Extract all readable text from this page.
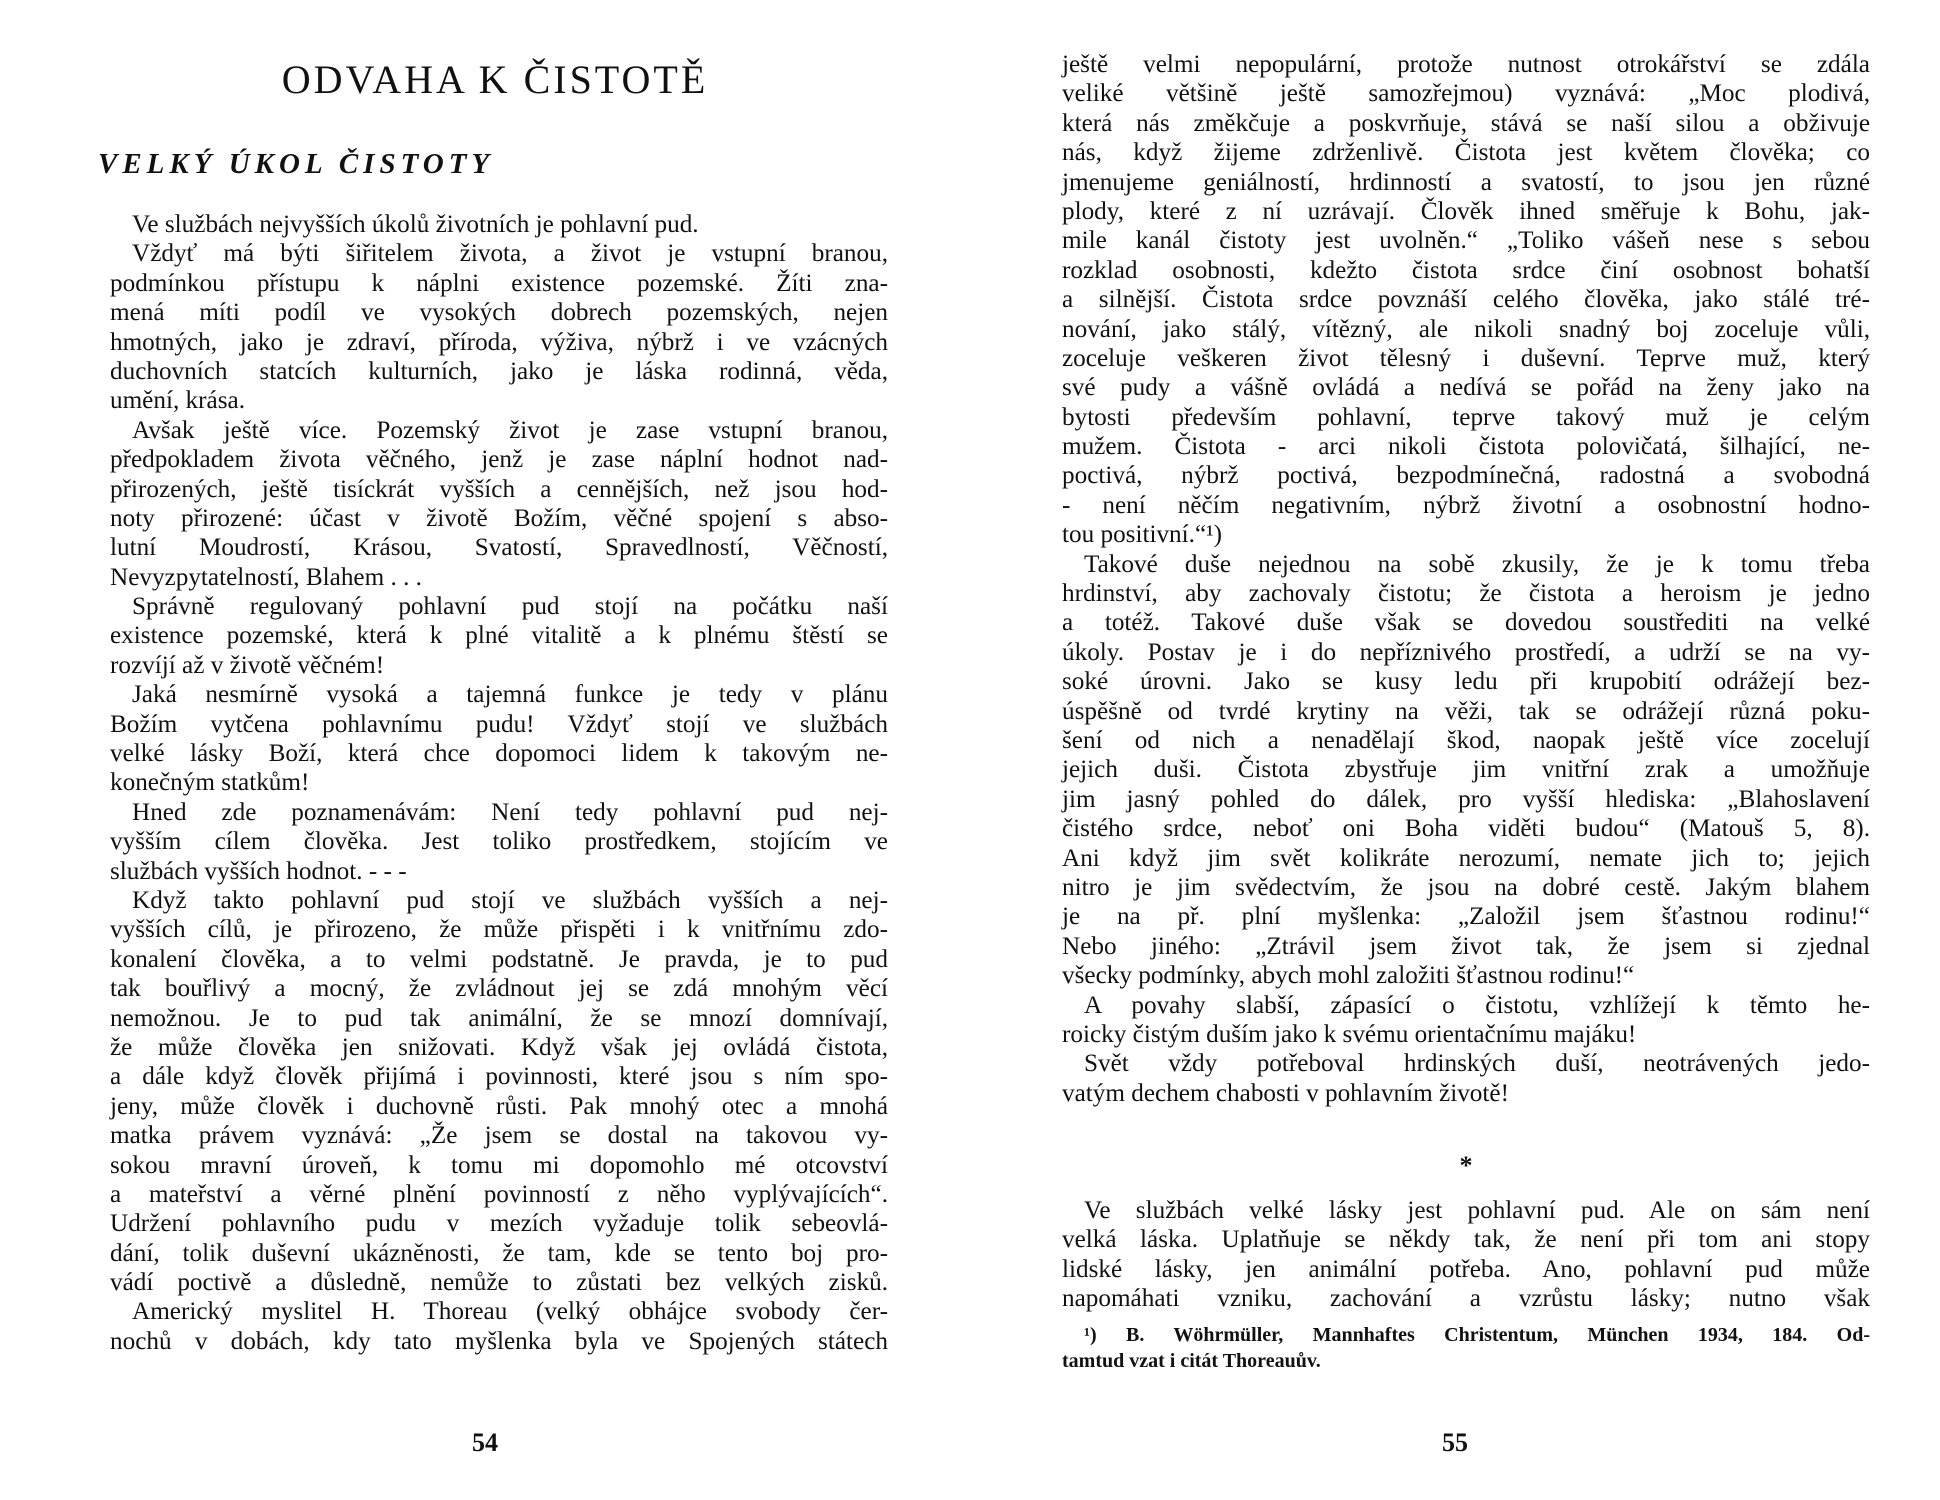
ODVAHA K ČISTOTĚ
VELKÝ ÚKOL ČISTOTY
Ve službách nejvyšších úkolů životních je pohlavní pud.
Vždyť má býti šiřitelem života, a život je vstupní branou,
podmínkou přístupu k náplni existence pozemské. Žíti zna-
mená míti podíl ve vysokých dobrech pozemských, nejen
hmotných, jako je zdraví, příroda, výživa, nýbrž i ve vzácných
duchovních statcích kulturních, jako je láska rodinná, věda,
umění, krása.
Avšak ještě více. Pozemský život je zase vstupní branou,
předpokladem života věčného, jenž je zase náplní hodnot nad-
přirozených, ještě tisíckrát vyšších a cennějších, než jsou hod-
noty přirozené: účast v životě Božím, věčné spojení s abso-
lutní Moudrostí, Krásou, Svatostí, Spravedlností, Věčností,
Nevyzpytatelností, Blahem . . .
Správně regulovaný pohlavní pud stojí na počátku naší
existence pozemské, která k plné vitalitě a k plnému štěstí se
rozvíjí až v životě věčném!
Jaká nesmírně vysoká a tajemná funkce je tedy v plánu
Božím vytčena pohlavnímu pudu! Vždyť stojí ve službách
velké lásky Boží, která chce dopomoci lidem k takovým ne-
konečným statkům!
Hned zde poznamenávám: Není tedy pohlavní pud nej-
vyšším cílem člověka. Jest toliko prostředkem, stojícím ve
službách vyšších hodnot. - - -
Když takto pohlavní pud stojí ve službách vyšších a nej-
vyšších cílů, je přirozeno, že může přispěti i k vnitřnímu zdo-
konalení člověka, a to velmi podstatně. Je pravda, je to pud
tak bouřlivý a mocný, že zvládnout jej se zdá mnohým věcí
nemožnou. Je to pud tak animální, že se mnozí domnívají,
že může člověka jen snižovati. Když však jej ovládá čistota,
a dále když člověk přijímá i povinnosti, které jsou s ním spo-
jeny, může člověk i duchovně růsti. Pak mnohý otec a mnohá
matka právem vyznává: „Že jsem se dostal na takovou vy-
sokou mravní úroveň, k tomu mi dopomohlo mé otcovství
a mateřství a věrné plnění povinností z něho vyplývajících“.
Udržení pohlavního pudu v mezích vyžaduje tolik sebeovlá-
dání, tolik duševní ukázněnosti, že tam, kde se tento boj pro-
vádí poctivě a důsledně, nemůže to zůstati bez velkých zisků.
Americký myslitel H. Thoreau (velký obhájce svobody čer-
nochů v dobách, kdy tato myšlenka byla ve Spojených státech
54
ještě velmi nepopulární, protože nutnost otrokářství se zdála
veliké většině ještě samozřejmou) vyznává: „Moc plodivá,
která nás změkčuje a poskvrňuje, stává se naší silou a obživuje
nás, když žijeme zdrženlivě. Čistota jest květem člověka; co
jmenujeme geniálností, hrdinností a svatostí, to jsou jen různé
plody, které z ní uzrávají. Člověk ihned směřuje k Bohu, jak-
mile kanál čistoty jest uvolněn.“ „Toliko vášeň nese s sebou
rozklad osobnosti, kdežto čistota srdce činí osobnost bohatší
a silnější. Čistota srdce povznáší celého člověka, jako stálé tré-
nování, jako stálý, vítězný, ale nikoli snadný boj zoceluje vůli,
zoceluje veškeren život tělesný i duševní. Teprve muž, který
své pudy a vášně ovládá a nedívá se pořád na ženy jako na
bytosti především pohlavní, teprve takový muž je celým
mužem. Čistota - arci nikoli čistota polovičatá, šilhající, ne-
poctivá, nýbrž poctivá, bezpodmínečná, radostná a svobodná
- není něčím negativním, nýbrž životní a osobnostní hodno-
tou positivní.“¹)
Takové duše nejednou na sobě zkusily, že je k tomu třeba
hrdinství, aby zachovaly čistotu; že čistota a heroism je jedno
a totéž. Takové duše však se dovedou soustřediti na velké
úkoly. Postav je i do nepříznivého prostředí, a udrží se na vy-
soké úrovni. Jako se kusy ledu při krupobití odrážejí bez-
úspěšně od tvrdé krytiny na věži, tak se odrážejí různá poku-
šení od nich a nenadělají škod, naopak ještě více zocelují
jejich duši. Čistota zbystřuje jim vnitřní zrak a umožňuje
jim jasný pohled do dálek, pro vyšší hlediska: „Blahoslavení
čistého srdce, neboť oni Boha viděti budou“ (Matouš 5, 8).
Ani když jim svět kolikráte nerozumí, nemate jich to; jejich
nitro je jim svědectvím, že jsou na dobré cestě. Jakým blahem
je na př. plní myšlenka: „Založil jsem šťastnou rodinu!“
Nebo jiného: „Ztrávil jsem život tak, že jsem si zjednal
všecky podmínky, abych mohl založiti šťastnou rodinu!“
A povahy slabší, zápasící o čistotu, vzhlížejí k těmto he-
roicky čistým duším jako k svému orientačnímu majáku!
Svět vždy potřeboval hrdinských duší, neotrávených jedo-
vatým dechem chabosti v pohlavním životě!
*
Ve službách velké lásky jest pohlavní pud. Ale on sám není
velká láska. Uplatňuje se někdy tak, že není při tom ani stopy
lidské lásky, jen animální potřeba. Ano, pohlavní pud může
napomáhati vzniku, zachování a vzrůstu lásky; nutno však
¹) B. Wöhrmüller, Mannhaftes Christentum, München 1934, 184. Od-
tamtud vzat i citát Thoreauův.
55
